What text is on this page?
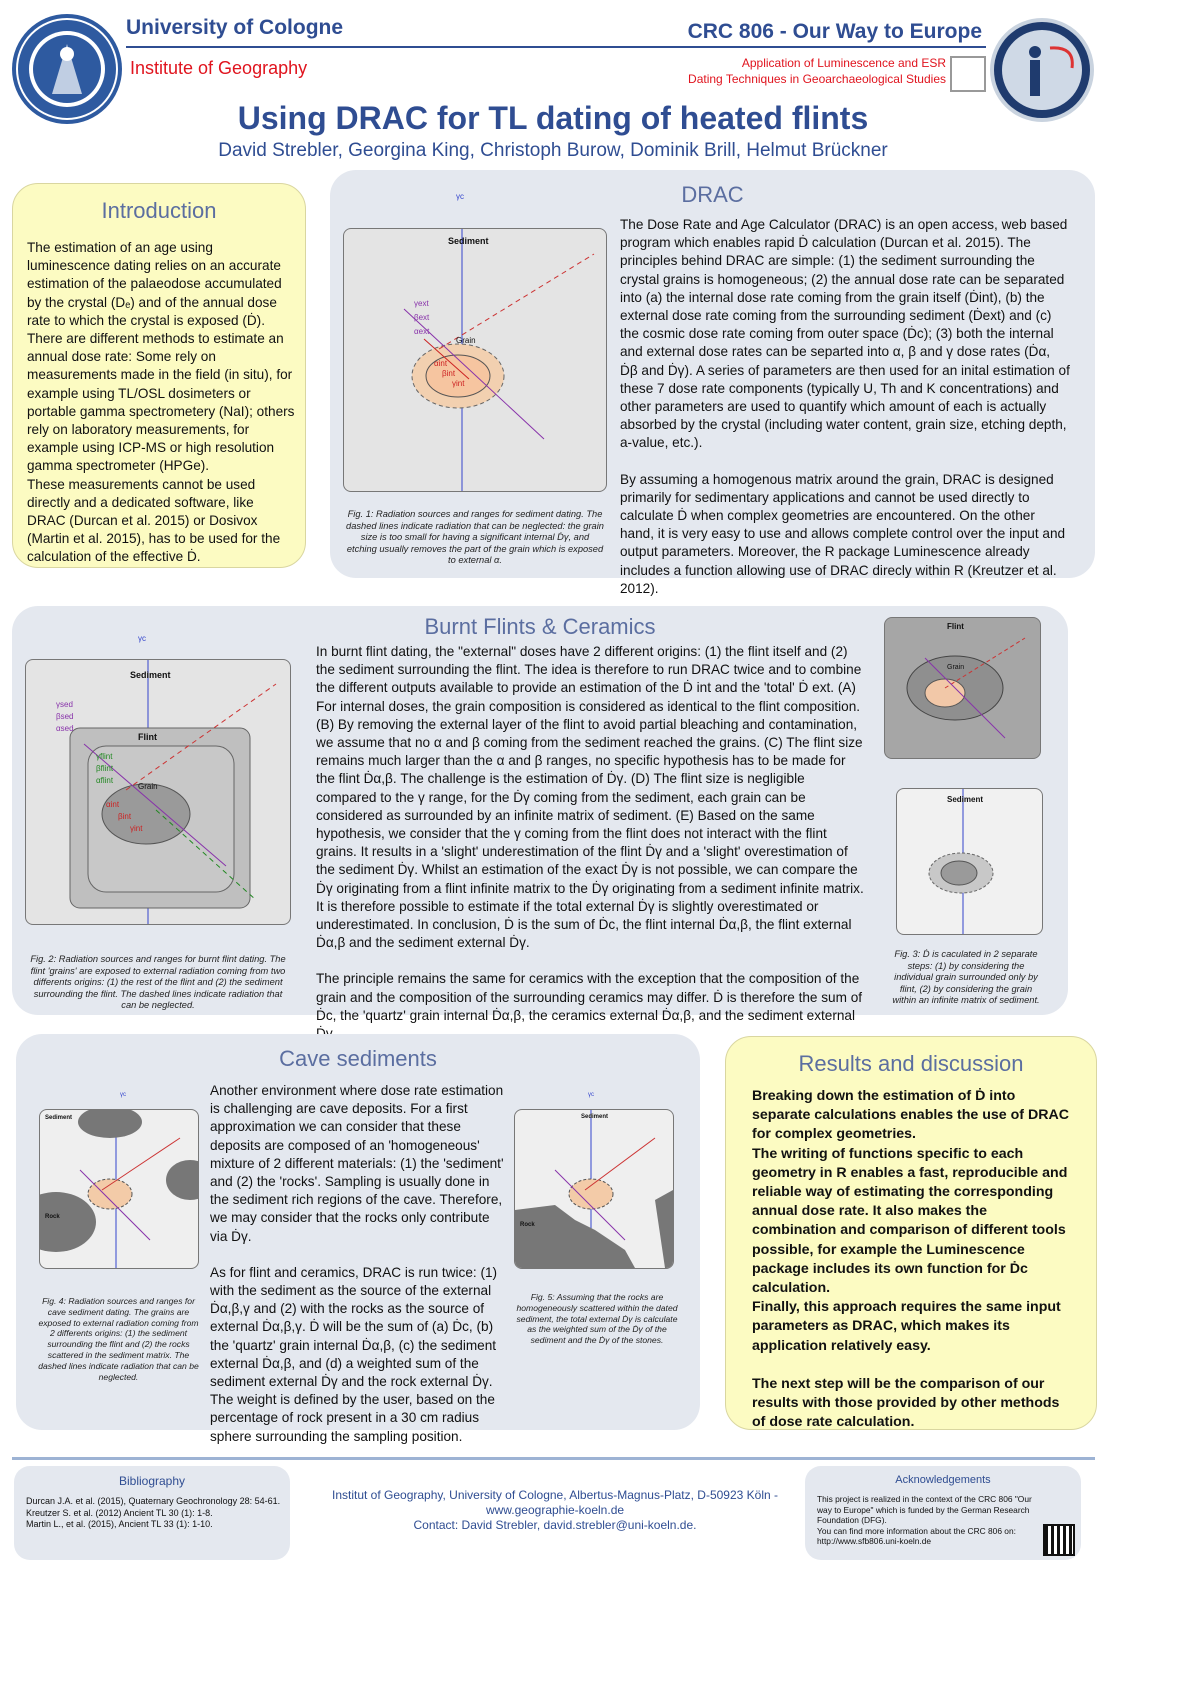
University of Cologne
Institute of Geography
CRC 806 - Our Way to Europe
Application of Luminescence and ESR
Dating Techniques in Geoarchaeological Studies
Using DRAC for TL dating of heated flints
David Strebler, Georgina King, Christoph Burow, Dominik Brill, Helmut Brückner
Introduction

The estimation of an age using luminescence dating relies on an accurate estimation of the palaeodose accumulated by the crystal (Dₑ) and of the annual dose rate to which the crystal is exposed (Ḋ).

There are different methods to estimate an annual dose rate: Some rely on measurements made in the field (in situ), for example using TL/OSL dosimeters or portable gamma spectrometery (NaI); others rely on laboratory measurements, for example using ICP-MS or high resolution gamma spectrometer (HPGe).

These measurements cannot be used directly and a dedicated software, like DRAC (Durcan et al. 2015) or Dosivox (Martin et al. 2015), has to be used for the calculation of the effective Ḋ.

DRAC
Sediment
Grain
γext
βext
αext
αint
βint
γint
γc
Fig. 1: Radiation sources and ranges for sediment dating. The dashed lines indicate radiation that can be neglected: the grain size is too small for having a significant internal Ḋγ, and etching usually removes the part of the grain which is exposed to external α.

The Dose Rate and Age Calculator (DRAC) is an open access, web based program which enables rapid Ḋ calculation (Durcan et al. 2015). The principles behind DRAC are simple: (1) the sediment surrounding the crystal grains is homogeneous; (2) the annual dose rate can be separated into (a) the internal dose rate coming from the grain itself (Ḋint), (b) the external dose rate coming from the surrounding sediment (Ḋext) and (c) the cosmic dose rate coming from outer space (Ḋc); (3) both the internal and external dose rates can be separted into α, β and γ dose rates (Ḋα, Ḋβ and Ḋγ). A series of parameters are then used for an inital estimation of these 7 dose rate components (typically U, Th and K concentrations) and other parameters are used to quantify which amount of each is actually absorbed by the crystal (including water content, grain size, etching depth, a-value, etc.).

By assuming a homogenous matrix around the grain, DRAC is designed primarily for sedimentary applications and cannot be used directly to calculate Ḋ when complex geometries are encountered. On the other hand, it is very easy to use and allows complete control over the input and output parameters. Moreover, the R package Luminescence already includes a function allowing use of DRAC direcly within R (Kreutzer et al. 2012).

Burnt Flints & Ceramics
Sediment
Flint
Grain
γsed
βsed
αsed
γflint
βflint
αflint
αint
βint
γint
γc
Fig. 2: Radiation sources and ranges for burnt flint dating. The flint 'grains' are exposed to external radiation coming from two differents origins: (1) the rest of the flint and (2) the sediment surrounding the flint. The dashed lines indicate radiation that can be neglected.

In burnt flint dating, the "external" doses have 2 different origins: (1) the flint itself and (2) the sediment surrounding the flint. The idea is therefore to run DRAC twice and to combine the different outputs available to provide an estimation of the Ḋ int and the 'total' Ḋ ext. (A) For internal doses, the grain composition is considered as identical to the flint composition. (B) By removing the external layer of the flint to avoid partial bleaching and contamination, we assume that no α and β coming from the sediment reached the grains. (C) The flint size remains much larger than the α and β ranges, no specific hypothesis has to be made for the flint Ḋα,β. The challenge is the estimation of Ḋγ. (D) The flint size is negligible compared to the γ range, for the Ḋγ coming from the sediment, each grain can be considered as surrounded by an infinite matrix of sediment. (E) Based on the same hypothesis, we consider that the γ coming from the flint does not interact with the flint grains. It results in a 'slight' underestimation of the flint Ḋγ and a 'slight' overestimation of the sediment Ḋγ. Whilst an estimation of the exact Ḋγ is not possible, we can compare the Ḋγ originating from a flint infinite matrix to the Ḋγ originating from a sediment infinite matrix. It is therefore possible to estimate if the total external Ḋγ is slightly overestimated or underestimated. In conclusion, Ḋ is the sum of Ḋc, the flint internal Ḋα,β, the flint external Ḋα,β and the sediment external Ḋγ.

The principle remains the same for ceramics with the exception that the composition of the grain and the composition of the surrounding ceramics may differ. Ḋ is therefore the sum of Ḋc, the 'quartz' grain internal Ḋα,β, the ceramics external Ḋα,β, and the sediment external

Flint
Grain
Sediment
Fig. 3: Ḋ is caculated in 2 separate steps: (1) by considering the individual grain surrounded only by flint, (2) by considering the grain within an infinite matrix of sediment.
Cave sediments
Sediment
Rock
γc
Fig. 4: Radiation sources and ranges for cave sediment dating. The grains are exposed to external radiation coming from 2 differents origins: (1) the sediment surrounding the flint and (2) the rocks scattered in the sediment matrix. The dashed lines indicate radiation that can be neglected.

Another environment where dose rate estimation is challenging are cave deposits. For a first approximation we can consider that these deposits are composed of an 'homogeneous' mixture of 2 different materials: (1) the 'sediment' and (2) the 'rocks'. Sampling is usually done in the sediment rich regions of the cave. Therefore, we may consider that the rocks only contribute via Ḋγ.

As for flint and ceramics, DRAC is run twice: (1) with the sediment as the source of the external Ḋα,β,γ and (2) with the rocks as the source of external Ḋα,β,γ. Ḋ will be the sum of (a) Ḋc, (b) the 'quartz' grain internal Ḋα,β, (c) the sediment external Ḋα,β, and (d) a weighted sum of the sediment external Ḋγ and the rock external Ḋγ. The weight is defined by the user, based on the percentage of rock present in a 30 cm radius sphere surrounding the sampling position.

Sediment
Rock
γc
Fig. 5: Assuming that the rocks are homogeneously scattered within the dated sediment, the total external Ḋγ is calculate as the weighted sum of the Ḋγ of the sediment and the Ḋγ of the stones.
Results and discussion

Breaking down the estimation of Ḋ into separate calculations enables the use of DRAC for complex geometries.

The writing of functions specific to each geometry in R enables a fast, reproducible and reliable way of estimating the corresponding annual dose rate. It also makes the combination and comparison of different tools possible, for example the Luminescence package includes its own function for Ḋc calculation.

Finally, this approach requires the same input parameters as DRAC, which makes its application relatively easy.

The next step will be the comparison of our results with those provided by other methods of dose rate calculation.

Bibliography
Durcan J.A. et al. (2015), Quaternary Geochronology 28: 54-61.
Kreutzer S. et al. (2012) Ancient TL 30 (1): 1-8.
Martin L., et al. (2015), Ancient TL 33 (1): 1-10.
Institut of Geography, University of Cologne, Albertus-Magnus-Platz, D-50923 Köln -
www.geographie-koeln.de
Contact: David Strebler, david.strebler@uni-koeln.de.
Acknowledgements
This project is realized in the context of the CRC 806 "Our way to Europe" which is funded by the German Research Foundation (DFG).
You can find more information about the CRC 806 on:
http://www.sfb806.uni-koeln.de
